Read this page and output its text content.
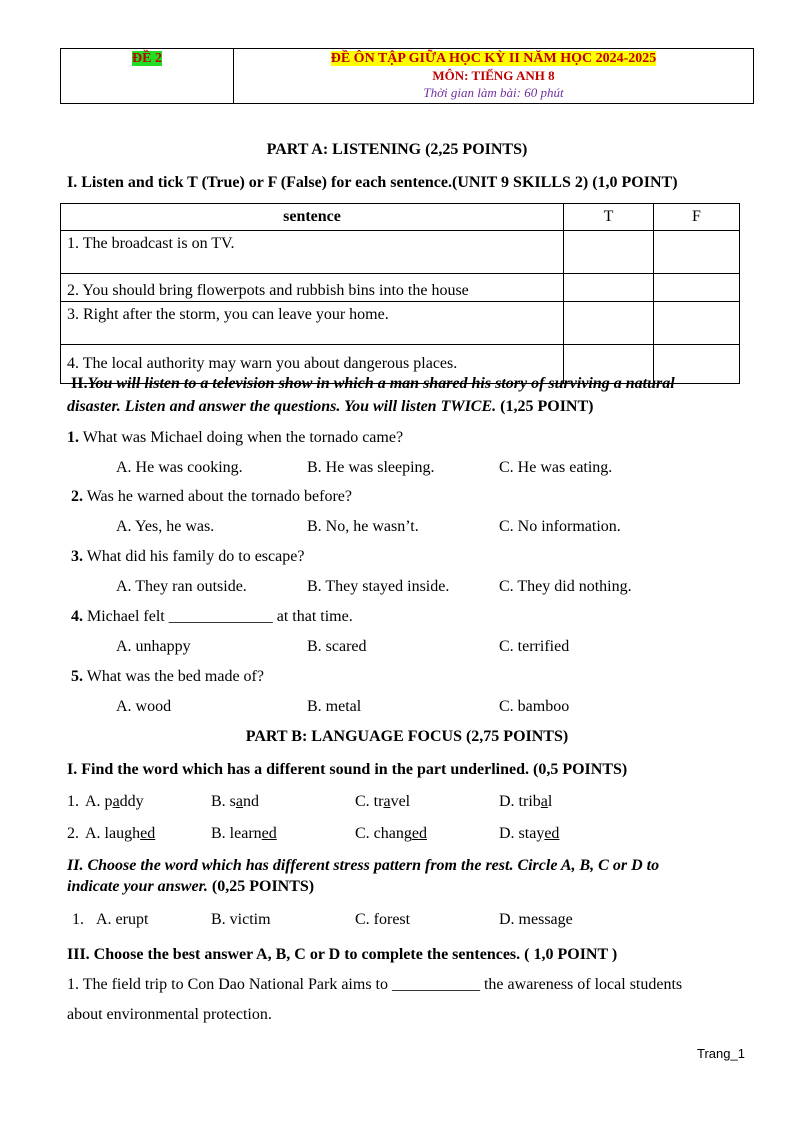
ĐỀ 2	ĐỀ ÔN TẬP GIỮA HỌC KỲ II NĂM HỌC 2024-2025
MÔN: TIẾNG ANH 8
Thời gian làm bài: 60 phút
PART A: LISTENING (2,25 POINTS)
I. Listen and tick T (True) or F (False) for each sentence.(UNIT 9 SKILLS 2) (1,0 POINT)
sentence	T	F
1. The broadcast is on TV.		
2. You should bring flowerpots and rubbish bins into the house		
3. Right after the storm, you can leave your home.		
4. The local authority may warn you about dangerous places.		
II.You will listen to a television show in which a man shared his story of surviving a natural
disaster. Listen and answer the questions. You will listen TWICE. (1,25 POINT)
1. What was Michael doing when the tornado came?
A. He was cooking.	B. He was sleeping.	C. He was eating.
2. Was he warned about the tornado before?
A. Yes, he was.	B. No, he wasn’t.	C. No information.
3. What did his family do to escape?
A. They ran outside.	B. They stayed inside.	C. They did nothing.
4. Michael felt _____________ at that time.
A. unhappy	B. scared	C. terrified
5. What was the bed made of?
A. wood	B. metal	C. bamboo
PART B: LANGUAGE FOCUS (2,75 POINTS)
I. Find the word which has a different sound in the part underlined. (0,5 POINTS)
1. A. paddy	B. sand	C. travel	D. tribal
2. A. laughed	B. learned	C. changed	D. stayed
II. Choose the word which has different stress pattern from the rest. Circle A, B, C or D to
indicate your answer. (0,25 POINTS)
1. A. erupt	B. victim	C. forest	D. message
III. Choose the best answer A, B, C or D to complete the sentences. ( 1,0 POINT )
1. The field trip to Con Dao National Park aims to ___________ the awareness of local students
about environmental protection.
Trang_1
